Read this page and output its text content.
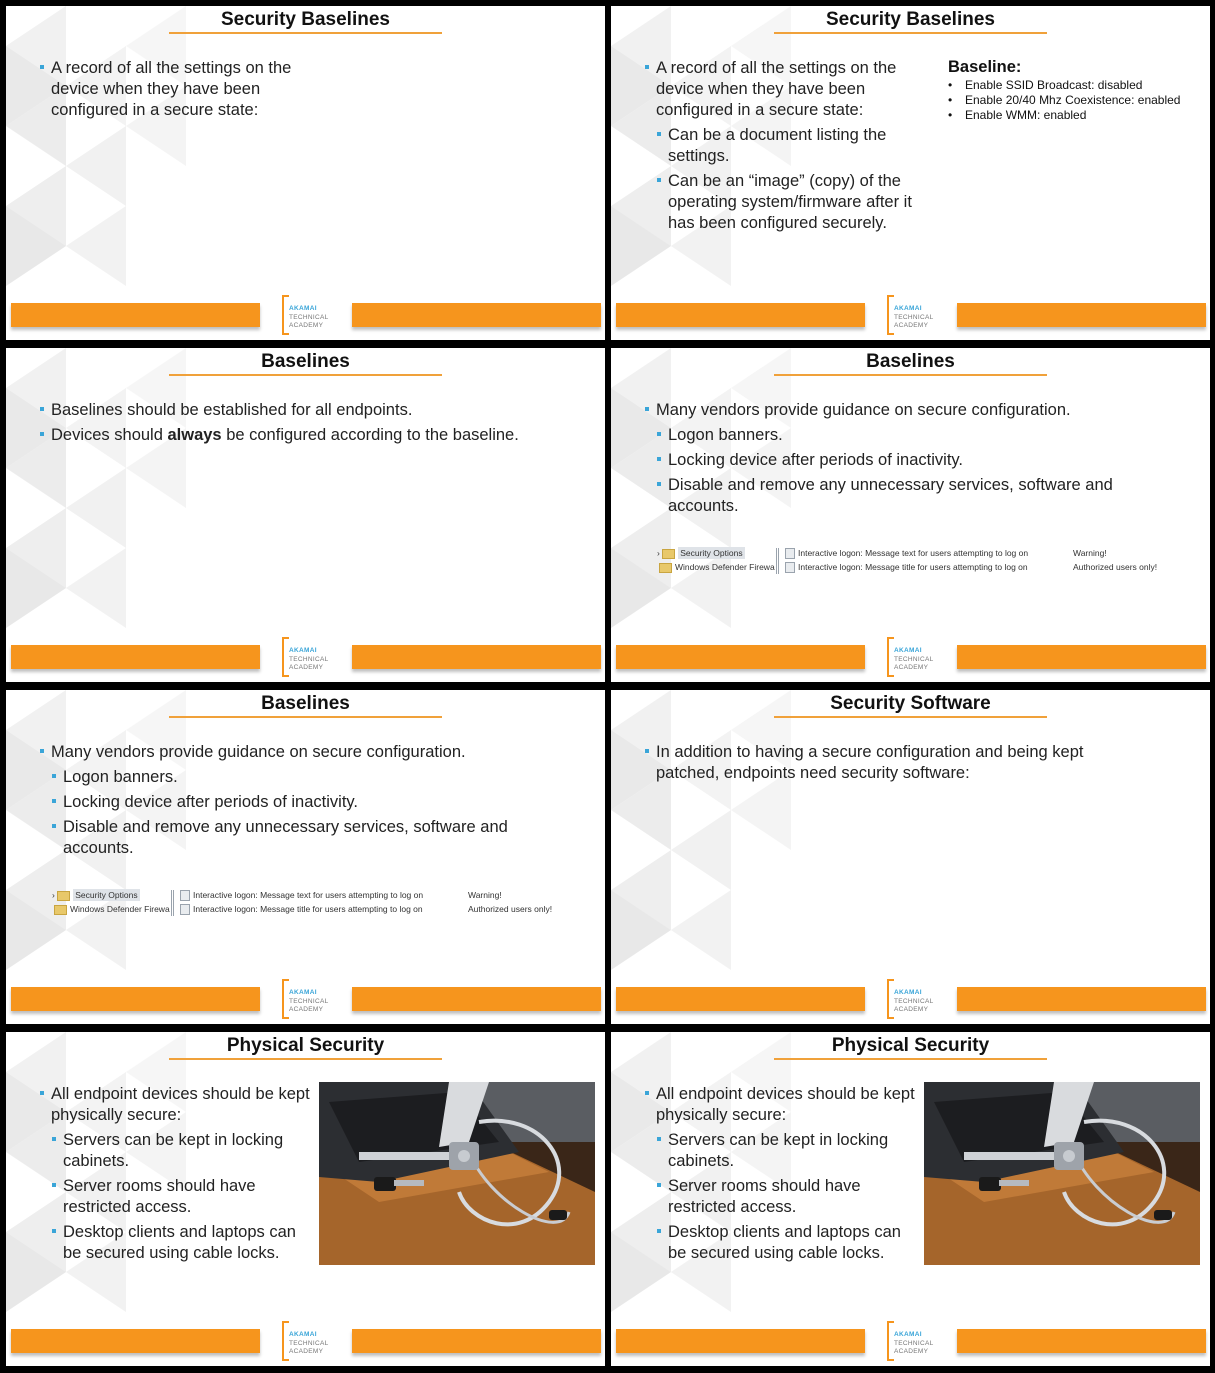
Security Baselines
A record of all the settings on the device when they have been configured in a secure state:
AKAMAI
TECHNICAL
ACADEMY
Security Baselines
A record of all the settings on the device when they have been configured in a secure state:
Can be a document listing the settings.
Can be an “image” (copy) of the operating system/firmware after it has been configured securely.
Baseline:
• Enable SSID Broadcast: disabled
• Enable 20/40 Mhz Coexistence: enabled
• Enable WMM: enabled
AKAMAI
TECHNICAL
ACADEMY
Baselines
Baselines should be established for all endpoints.
Devices should always be configured according to the baseline.
AKAMAI
TECHNICAL
ACADEMY
Baselines
Many vendors provide guidance on secure configuration.
Logon banners.
Locking device after periods of inactivity.
Disable and remove any unnecessary services, software and accounts.
› Security Options
Windows Defender Firewa
Interactive logon: Message text for users attempting to log on
Interactive logon: Message title for users attempting to log on
Warning!
Authorized users only!
AKAMAI
TECHNICAL
ACADEMY
Baselines
Many vendors provide guidance on secure configuration.
Logon banners.
Locking device after periods of inactivity.
Disable and remove any unnecessary services, software and accounts.
› Security Options
Windows Defender Firewa
Interactive logon: Message text for users attempting to log on
Interactive logon: Message title for users attempting to log on
Warning!
Authorized users only!
AKAMAI
TECHNICAL
ACADEMY
Security Software
In addition to having a secure configuration and being kept patched, endpoints need security software:
AKAMAI
TECHNICAL
ACADEMY
Physical Security
All endpoint devices should be kept physically secure:
Servers can be kept in locking cabinets.
Server rooms should have restricted access.
Desktop clients and laptops can be secured using cable locks.
AKAMAI
TECHNICAL
ACADEMY
Physical Security
All endpoint devices should be kept physically secure:
Servers can be kept in locking cabinets.
Server rooms should have restricted access.
Desktop clients and laptops can be secured using cable locks.
AKAMAI
TECHNICAL
ACADEMY
